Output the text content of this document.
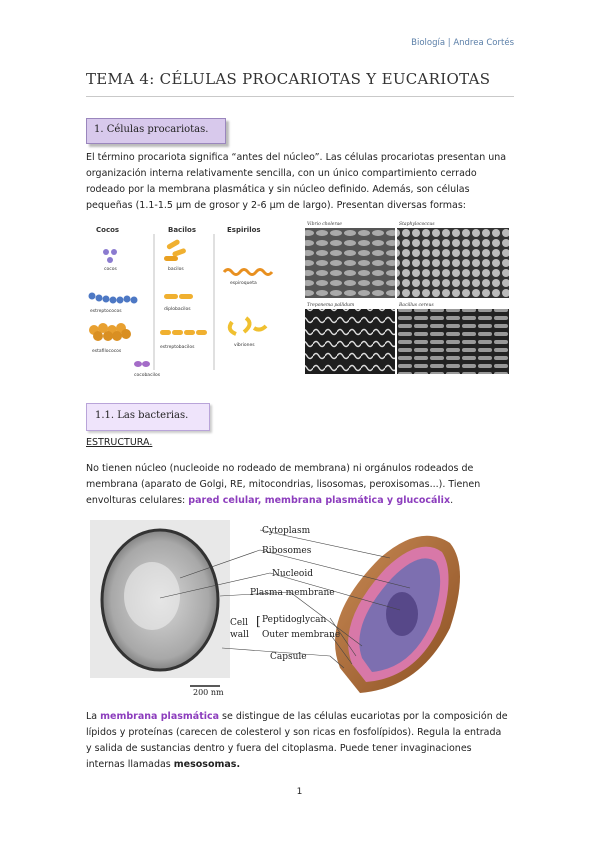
Biología | Andrea Cortés
TEMA 4: CÉLULAS PROCARIOTAS Y EUCARIOTAS
1. Células procariotas.
El término procariota significa “antes del núcleo”. Las células procariotas presentan una
organización interna relativamente sencilla, con un único compartimiento cerrado
rodeado por la membrana plasmática y sin núcleo definido. Además, son células
pequeñas (1.1-1.5 μm de grosor y 2-6 μm de largo). Presentan diversas formas:
Cocos	Bacilos	Espirilos
cocos
estreptococos
estafilococos
bacilos
diplobacilos
estreptobacilos
cocobacilos
espiroqueta
vibriones
Vibrio cholerae	Staphylococcus
Treponema pallidum	Bacillus cereus
1.1. Las bacterias.
ESTRUCTURA.
No tienen núcleo (nucleoide no rodeado de membrana) ni orgánulos rodeados de
membrana (aparato de Golgi, RE, mitocondrias, lisosomas, peroxisomas...). Tienen
envolturas celulares: pared celular, membrana plasmática y glucocálix.
200 nm
Cytoplasm
Ribosomes
Nucleoid
Plasma membrane
Cell
wall
[ Peptidoglycan
Outer membrane
Capsule
La membrana plasmática se distingue de las células eucariotas por la composición de
lípidos y proteínas (carecen de colesterol y son ricas en fosfolípidos). Regula la entrada
y salida de sustancias dentro y fuera del citoplasma. Puede tener invaginaciones
internas llamadas mesosomas.
1
